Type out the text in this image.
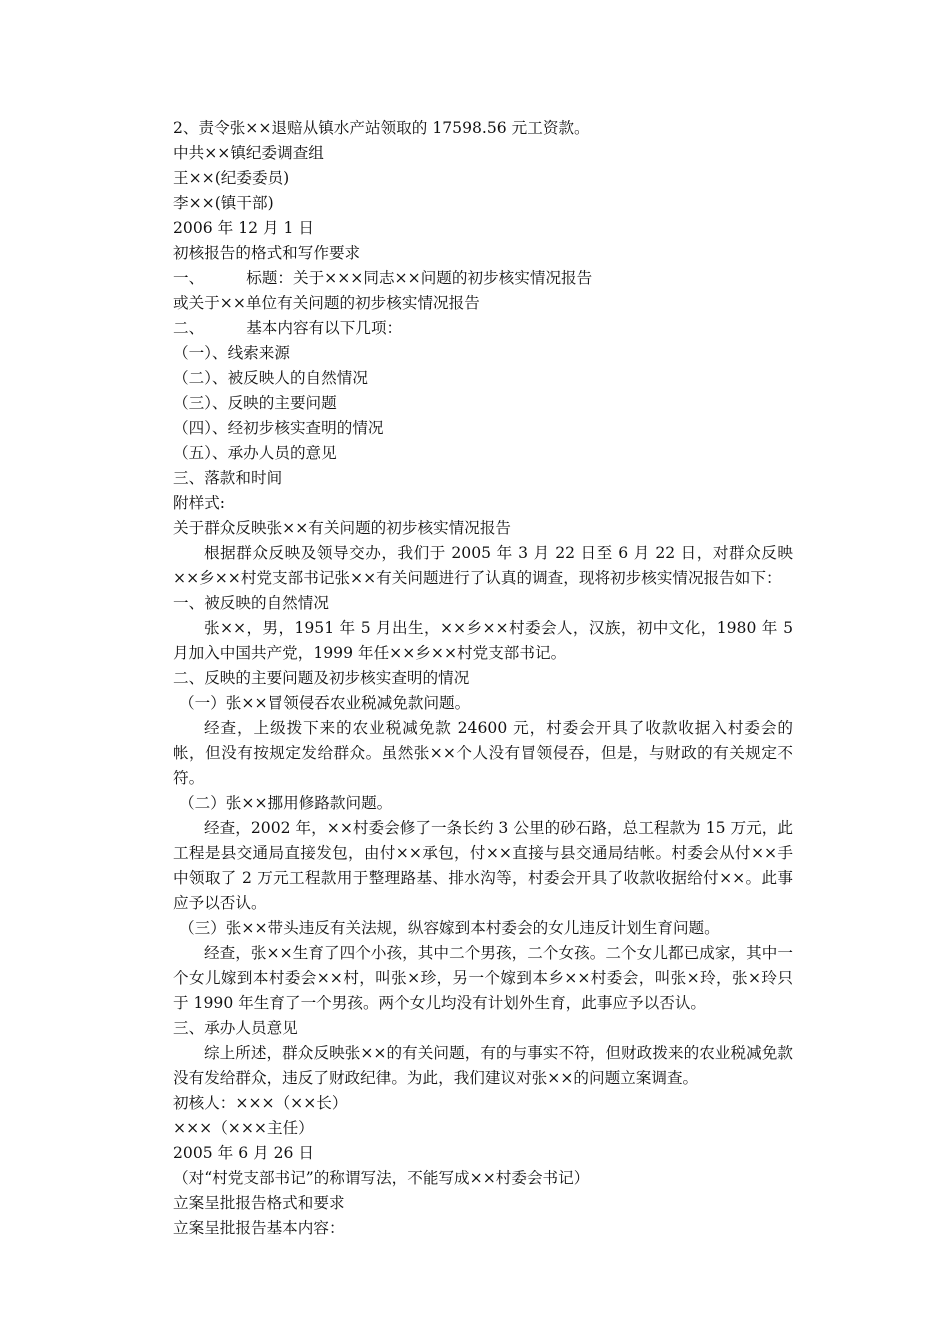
2、责令张××退赔从镇水产站领取的 17598.56 元工资款。
中共××镇纪委调查组
王××(纪委委员)
李××(镇干部)
2006 年 12 月 1 日
初核报告的格式和写作要求
一、	标题：关于×××同志××问题的初步核实情况报告
或关于××单位有关问题的初步核实情况报告
二、	基本内容有以下几项：
（一）、线索来源
（二）、被反映人的自然情况
（三）、反映的主要问题
（四）、经初步核实查明的情况
（五）、承办人员的意见
三、落款和时间
附样式:
关于群众反映张××有关问题的初步核实情况报告

根据群众反映及领导交办，我们于 2005 年 3 月 22 日至 6 月 22 日，对群众反映××乡××村党支部书记张××有关问题进行了认真的调查，现将初步核实情况报告如下：

一、被反映的自然情况

张××，男，1951 年 5 月出生，××乡××村委会人，汉族，初中文化，1980 年 5 月加入中国共产党，1999 年任××乡××村党支部书记。

二、反映的主要问题及初步核实查明的情况
（一）张××冒领侵吞农业税减免款问题。

经查，上级拨下来的农业税减免款 24600 元，村委会开具了收款收据入村委会的帐，但没有按规定发给群众。虽然张××个人没有冒领侵吞，但是，与财政的有关规定不符。

（二）张××挪用修路款问题。

经查，2002 年，××村委会修了一条长约 3 公里的砂石路，总工程款为 15 万元，此工程是县交通局直接发包，由付××承包，付××直接与县交通局结帐。村委会从付××手中领取了 2 万元工程款用于整理路基、排水沟等，村委会开具了收款收据给付××。此事应予以否认。

（三）张××带头违反有关法规，纵容嫁到本村委会的女儿违反计划生育问题。

经查，张××生育了四个小孩，其中二个男孩，二个女孩。二个女儿都已成家，其中一个女儿嫁到本村委会××村，叫张×珍，另一个嫁到本乡××村委会，叫张×玲，张×玲只于 1990 年生育了一个男孩。两个女儿均没有计划外生育，此事应予以否认。

三、承办人员意见

综上所述，群众反映张××的有关问题，有的与事实不符，但财政拨来的农业税减免款没有发给群众，违反了财政纪律。为此，我们建议对张××的问题立案调查。

初核人：×××（××长）
×××（×××主任）
2005 年 6 月 26 日
（对“村党支部书记”的称谓写法，不能写成××村委会书记）
立案呈批报告格式和要求
立案呈批报告基本内容：
